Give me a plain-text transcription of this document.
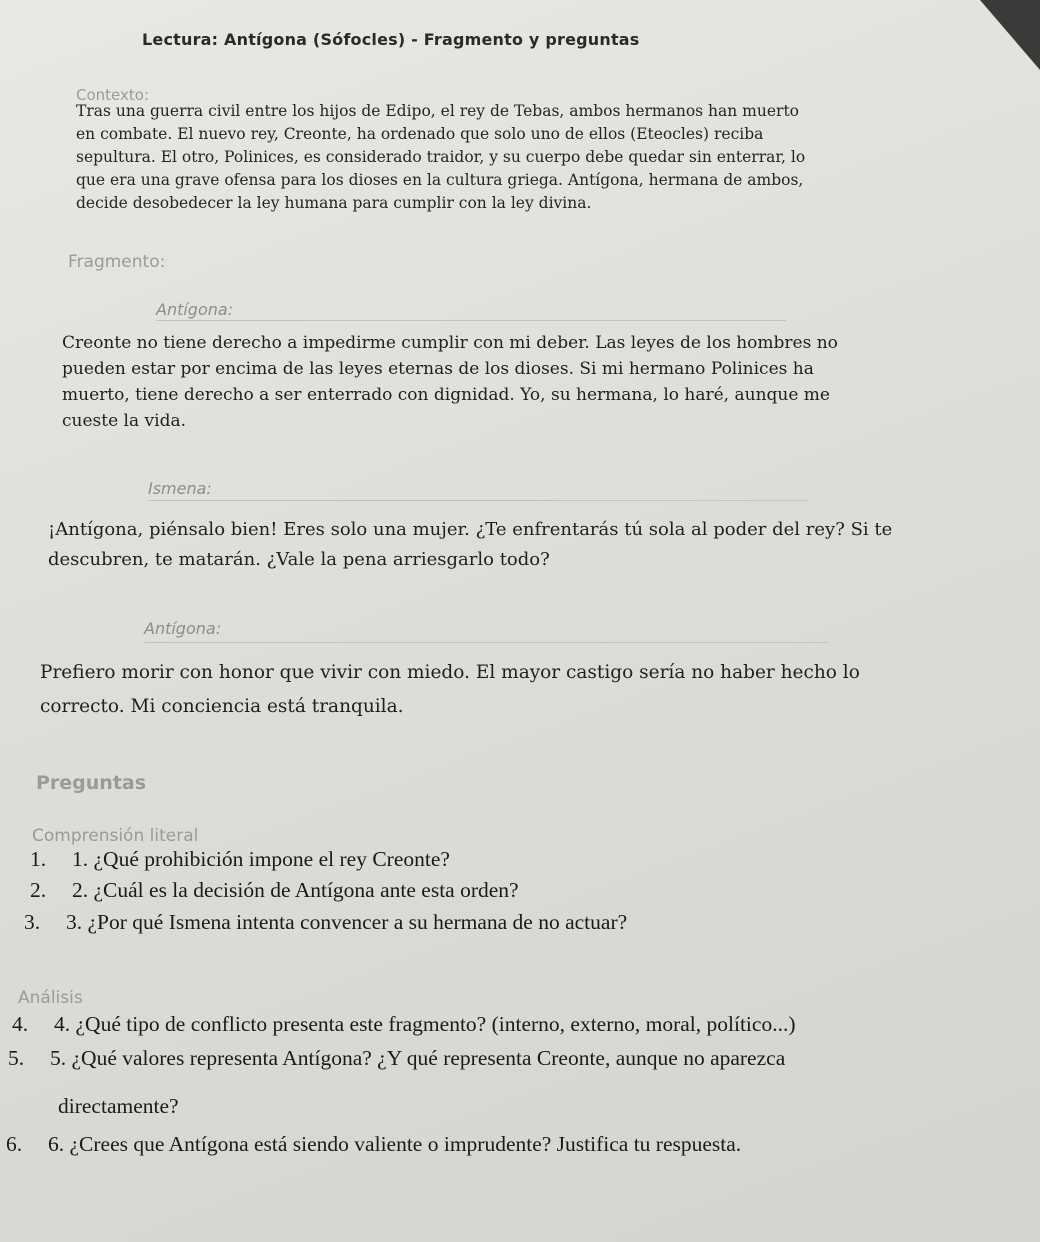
Lectura: Antígona (Sófocles) - Fragmento y preguntas
Contexto:
Tras una guerra civil entre los hijos de Edipo, el rey de Tebas, ambos hermanos han muerto
en combate. El nuevo rey, Creonte, ha ordenado que solo uno de ellos (Eteocles) reciba
sepultura. El otro, Polinices, es considerado traidor, y su cuerpo debe quedar sin enterrar, lo
que era una grave ofensa para los dioses en la cultura griega. Antígona, hermana de ambos,
decide desobedecer la ley humana para cumplir con la ley divina.
Fragmento:
Antígona:
Creonte no tiene derecho a impedirme cumplir con mi deber. Las leyes de los hombres no
pueden estar por encima de las leyes eternas de los dioses. Si mi hermano Polinices ha
muerto, tiene derecho a ser enterrado con dignidad. Yo, su hermana, lo haré, aunque me
cueste la vida.
Ismena:
¡Antígona, piénsalo bien! Eres solo una mujer. ¿Te enfrentarás tú sola al poder del rey? Si te
descubren, te matarán. ¿Vale la pena arriesgarlo todo?
Antígona:
Prefiero morir con honor que vivir con miedo. El mayor castigo sería no haber hecho lo
correcto. Mi conciencia está tranquila.
Preguntas
Comprensión literal
1. 1. ¿Qué prohibición impone el rey Creonte?
2. 2. ¿Cuál es la decisión de Antígona ante esta orden?
3. 3. ¿Por qué Ismena intenta convencer a su hermana de no actuar?
Análisis
4. 4. ¿Qué tipo de conflicto presenta este fragmento? (interno, externo, moral, político...)
5. 5. ¿Qué valores representa Antígona? ¿Y qué representa Creonte, aunque no aparezca
directamente?
6. 6. ¿Crees que Antígona está siendo valiente o imprudente? Justifica tu respuesta.
